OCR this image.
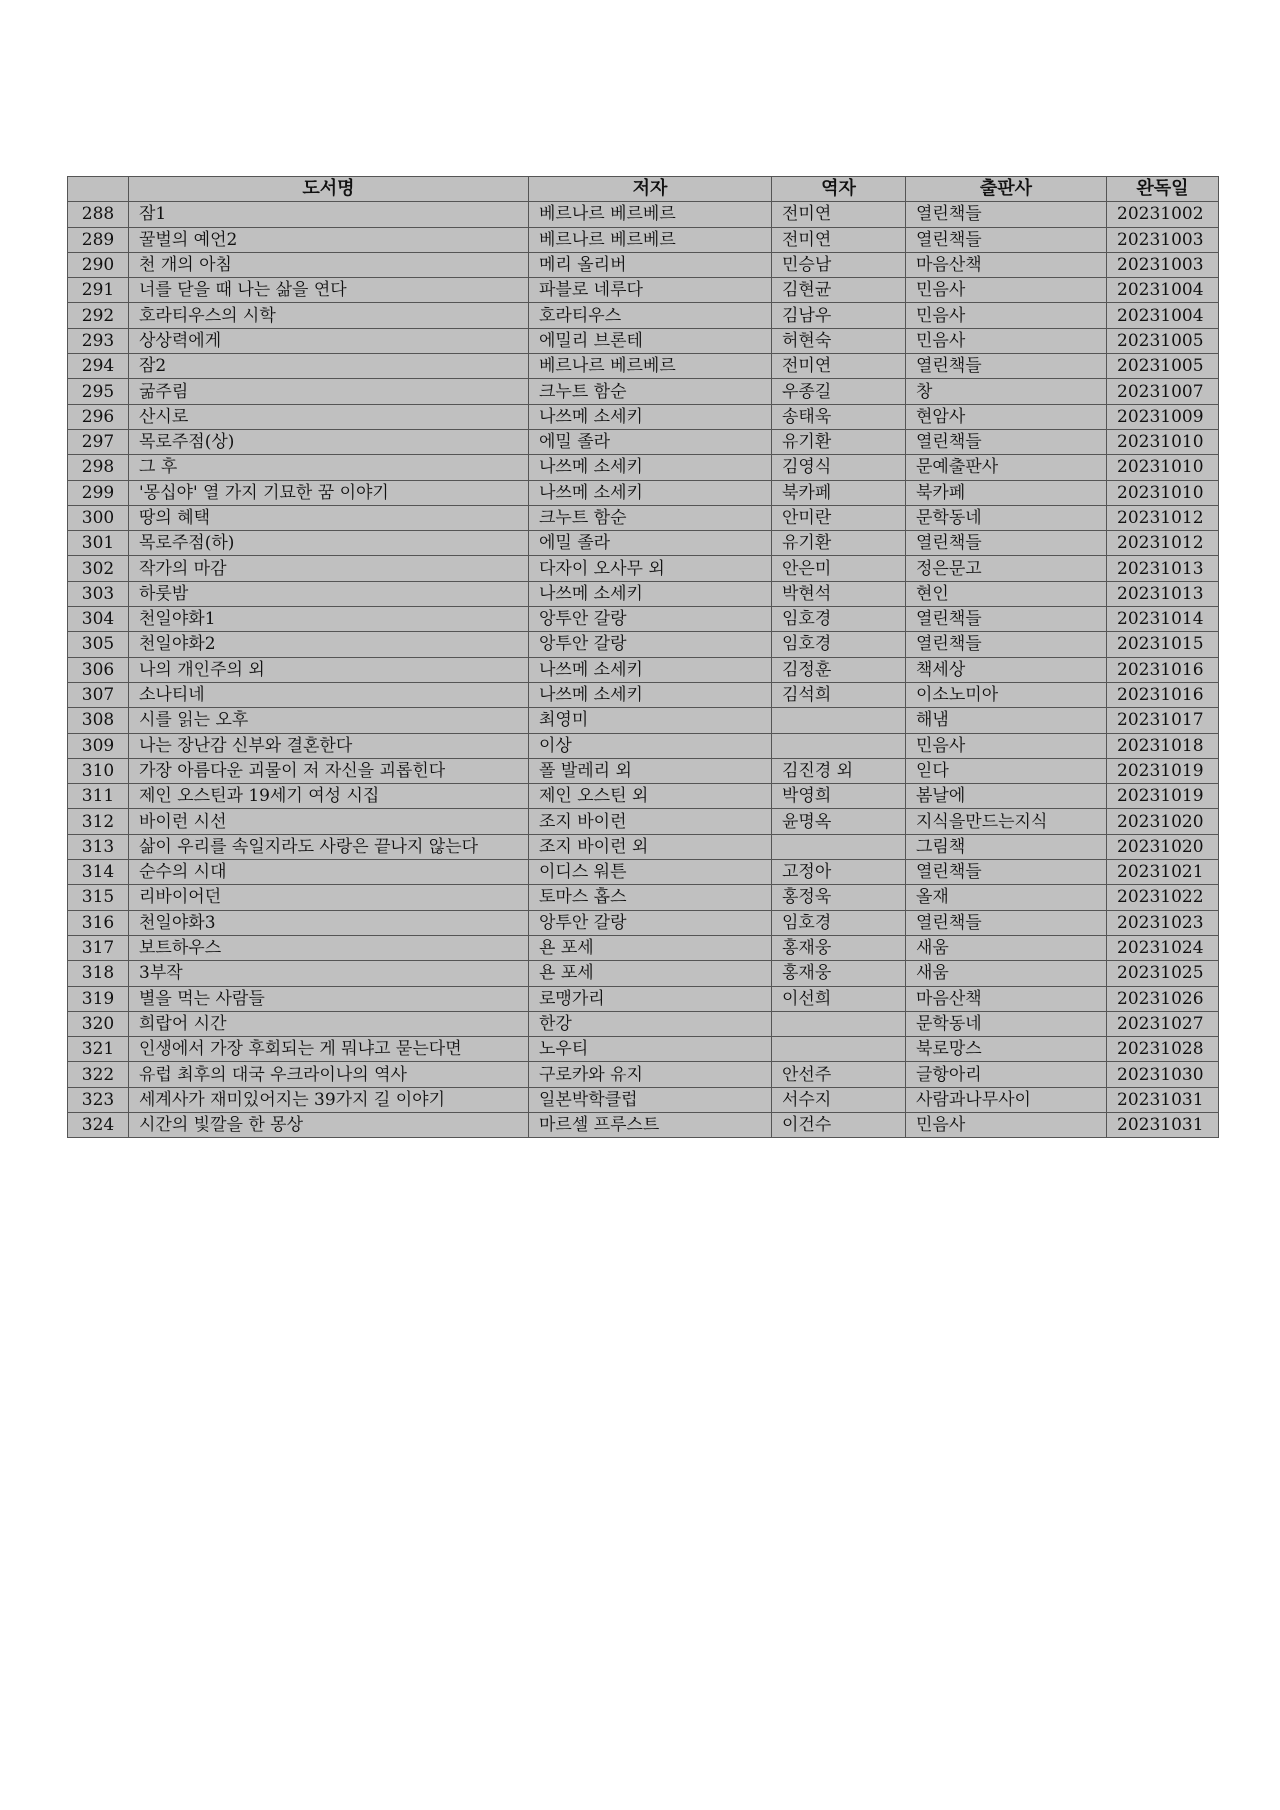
	도서명	저자	역자	출판사	완독일
288	잠1	베르나르 베르베르	전미연	열린책들	20231002
289	꿀벌의 예언2	베르나르 베르베르	전미연	열린책들	20231003
290	천 개의 아침	메리 올리버	민승남	마음산책	20231003
291	너를 닫을 때 나는 삶을 연다	파블로 네루다	김현균	민음사	20231004
292	호라티우스의 시학	호라티우스	김남우	민음사	20231004
293	상상력에게	에밀리 브론테	허현숙	민음사	20231005
294	잠2	베르나르 베르베르	전미연	열린책들	20231005
295	굶주림	크누트 함순	우종길	창	20231007
296	산시로	나쓰메 소세키	송태욱	현암사	20231009
297	목로주점(상)	에밀 졸라	유기환	열린책들	20231010
298	그 후	나쓰메 소세키	김영식	문예출판사	20231010
299	'몽십야' 열 가지 기묘한 꿈 이야기	나쓰메 소세키	북카페	북카페	20231010
300	땅의 혜택	크누트 함순	안미란	문학동네	20231012
301	목로주점(하)	에밀 졸라	유기환	열린책들	20231012
302	작가의 마감	다자이 오사무 외	안은미	정은문고	20231013
303	하룻밤	나쓰메 소세키	박현석	현인	20231013
304	천일야화1	앙투안 갈랑	임호경	열린책들	20231014
305	천일야화2	앙투안 갈랑	임호경	열린책들	20231015
306	나의 개인주의 외	나쓰메 소세키	김정훈	책세상	20231016
307	소나티네	나쓰메 소세키	김석희	이소노미아	20231016
308	시를 읽는 오후	최영미		해냄	20231017
309	나는 장난감 신부와 결혼한다	이상		민음사	20231018
310	가장 아름다운 괴물이 저 자신을 괴롭힌다	폴 발레리 외	김진경 외	읻다	20231019
311	제인 오스틴과 19세기 여성 시집	제인 오스틴 외	박영희	봄날에	20231019
312	바이런 시선	조지 바이런	윤명옥	지식을만드는지식	20231020
313	삶이 우리를 속일지라도 사랑은 끝나지 않는다	조지 바이런 외		그림책	20231020
314	순수의 시대	이디스 워튼	고정아	열린책들	20231021
315	리바이어던	토마스 홉스	홍정욱	올재	20231022
316	천일야화3	앙투안 갈랑	임호경	열린책들	20231023
317	보트하우스	욘 포세	홍재웅	새움	20231024
318	3부작	욘 포세	홍재웅	새움	20231025
319	별을 먹는 사람들	로맹가리	이선희	마음산책	20231026
320	희랍어 시간	한강		문학동네	20231027
321	인생에서 가장 후회되는 게 뭐냐고 묻는다면	노우티		북로망스	20231028
322	유럽 최후의 대국 우크라이나의 역사	구로카와 유지	안선주	글항아리	20231030
323	세계사가 재미있어지는 39가지 길 이야기	일본박학클럽	서수지	사람과나무사이	20231031
324	시간의 빛깔을 한 몽상	마르셀 프루스트	이건수	민음사	20231031
